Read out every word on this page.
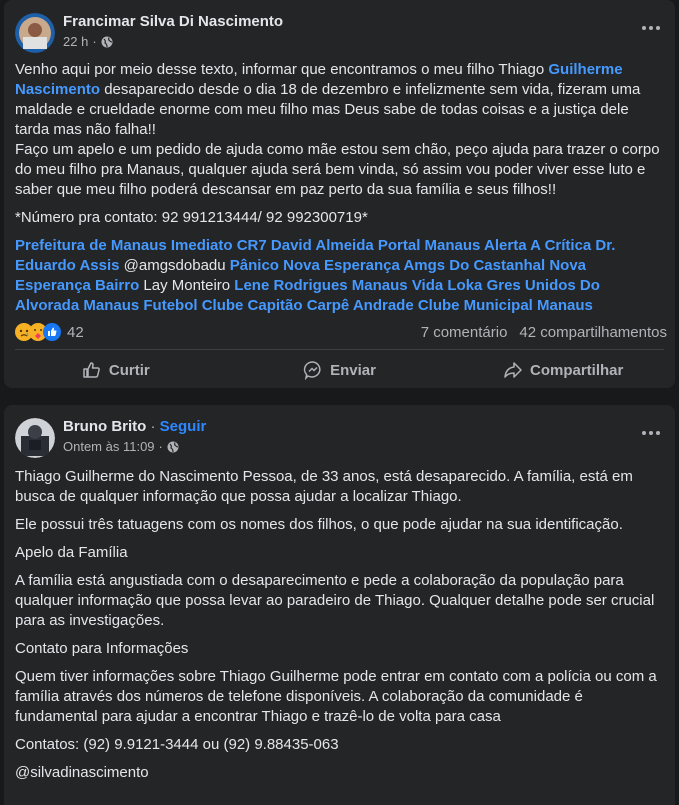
Francimar Silva Di Nascimento
22 h ·

Venho aqui por meio desse texto, informar que encontramos o meu filho Thiago Guilherme Nascimento desaparecido desde o dia 18 de dezembro e infelizmente sem vida, fizeram uma maldade e crueldade enorme com meu filho mas Deus sabe de todas coisas e a justiça dele tarda mas não falha!!

Faço um apelo e um pedido de ajuda como mãe estou sem chão, peço ajuda para trazer o corpo do meu filho pra Manaus, qualquer ajuda será bem vinda, só assim vou poder viver esse luto e saber que meu filho poderá descansar em paz perto da sua família e seus filhos!!

*Número pra contato: 92 991213444/ 92 992300719*

Prefeitura de Manaus Imediato CR7 David Almeida Portal Manaus Alerta A Crítica Dr. Eduardo Assis @amgsdobadu Pânico Nova Esperança Amgs Do Castanhal Nova Esperança Bairro Lay Monteiro Lene Rodrigues Manaus Vida Loka Gres Unidos Do Alvorada Manaus Futebol Clube Capitão Carpê Andrade Clube Municipal Manaus

42	7 comentário 42 compartilhamentos
Curtir	Enviar	Compartilhar
Bruno Brito · Seguir
Ontem às 11:09 ·

Thiago Guilherme do Nascimento Pessoa, de 33 anos, está desaparecido. A família, está em busca de qualquer informação que possa ajudar a localizar Thiago.

Ele possui três tatuagens com os nomes dos filhos, o que pode ajudar na sua identificação.

Apelo da Família

A família está angustiada com o desaparecimento e pede a colaboração da população para qualquer informação que possa levar ao paradeiro de Thiago. Qualquer detalhe pode ser crucial para as investigações.

Contato para Informações

Quem tiver informações sobre Thiago Guilherme pode entrar em contato com a polícia ou com a família através dos números de telefone disponíveis. A colaboração da comunidade é fundamental para ajudar a encontrar Thiago e trazê-lo de volta para casa

Contatos: (92) 9.9121-3444 ou (92) 9.88435-063

@silvadinascimento
